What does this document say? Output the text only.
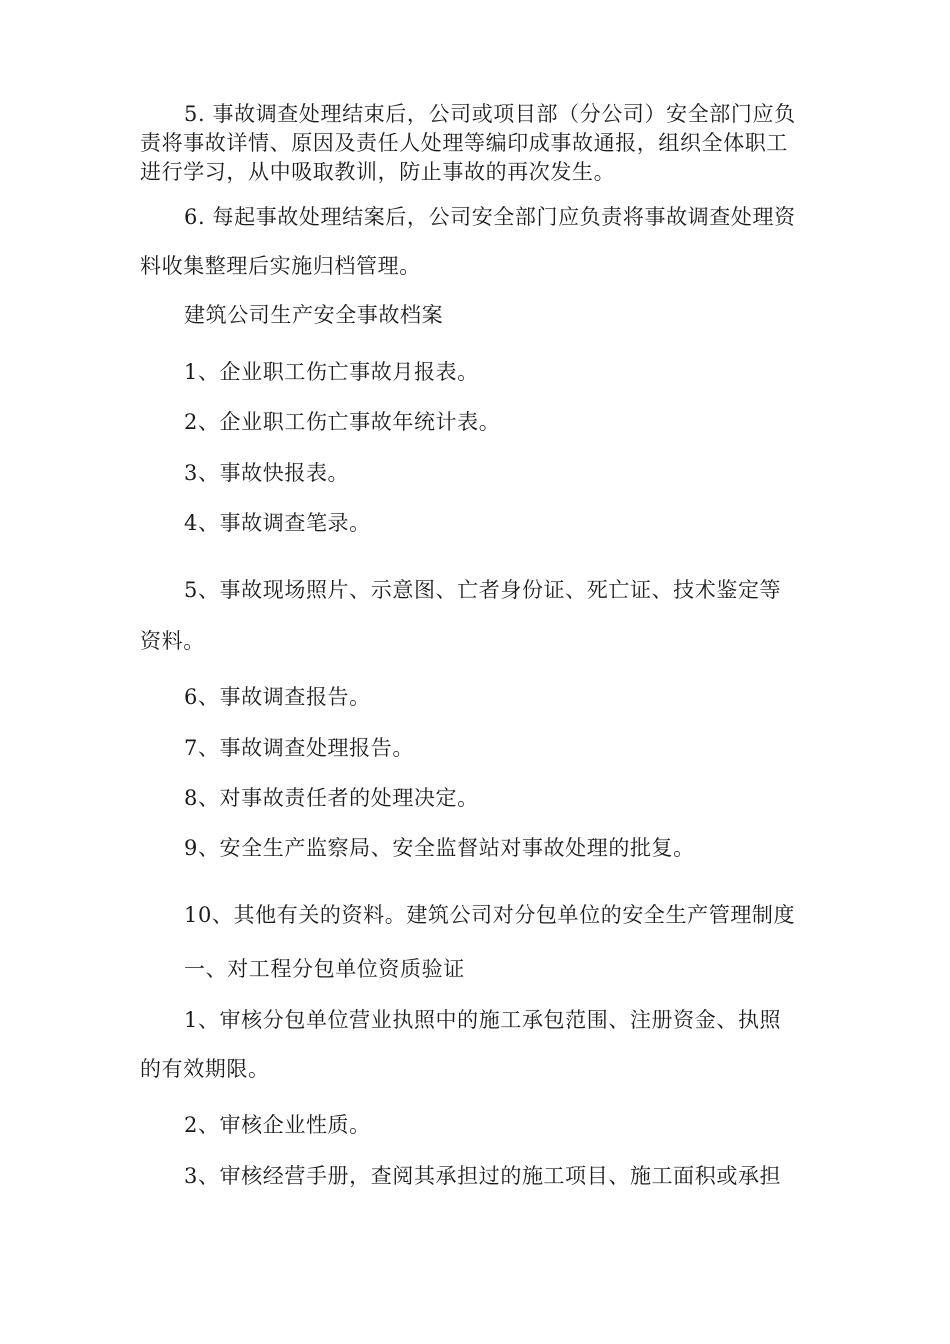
5. 事故调查处理结束后，公司或项目部（分公司）安全部门应负
责将事故详情、原因及责任人处理等编印成事故通报，组织全体职工
进行学习，从中吸取教训，防止事故的再次发生。
6. 每起事故处理结案后，公司安全部门应负责将事故调查处理资
料收集整理后实施归档管理。
建筑公司生产安全事故档案
1、企业职工伤亡事故月报表。
2、企业职工伤亡事故年统计表。
3、事故快报表。
4、事故调查笔录。
5、事故现场照片、示意图、亡者身份证、死亡证、技术鉴定等
资料。
6、事故调查报告。
7、事故调查处理报告。
8、对事故责任者的处理决定。
9、安全生产监察局、安全监督站对事故处理的批复。
10、其他有关的资料。建筑公司对分包单位的安全生产管理制度
一、对工程分包单位资质验证
1、审核分包单位营业执照中的施工承包范围、注册资金、执照
的有效期限。
2、审核企业性质。
3、审核经营手册，查阅其承担过的施工项目、施工面积或承担
